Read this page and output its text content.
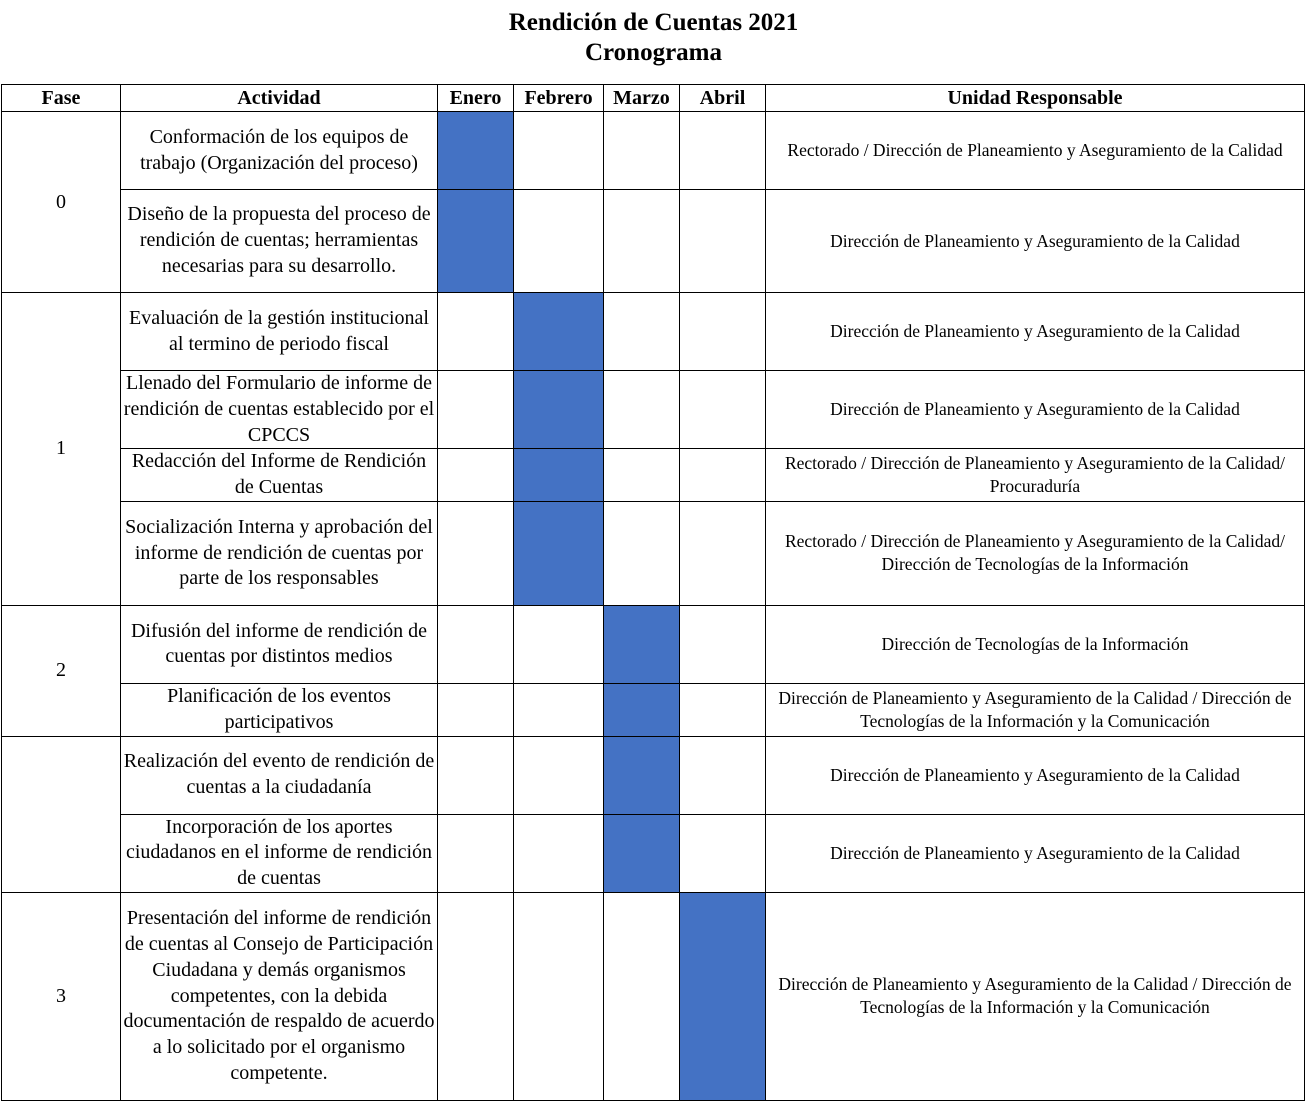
Rendición de Cuentas 2021
Cronograma
Fase	Actividad	Enero	Febrero	Marzo	Abril	Unidad Responsable
0	Conformación de los equipos de trabajo (Organización del proceso)					Rectorado / Dirección de Planeamiento y Aseguramiento de la Calidad
	Diseño de la propuesta del proceso de rendición de cuentas; herramientas necesarias para su desarrollo.					Dirección de Planeamiento y Aseguramiento de la Calidad
1	Evaluación de la gestión institucional al termino de periodo fiscal					Dirección de Planeamiento y Aseguramiento de la Calidad
	Llenado del Formulario de informe de rendición de cuentas establecido por el CPCCS					Dirección de Planeamiento y Aseguramiento de la Calidad
	Redacción del Informe de Rendición de Cuentas					Rectorado / Dirección de Planeamiento y Aseguramiento de la Calidad/ Procuraduría
	Socialización Interna y aprobación del informe de rendición de cuentas por parte de los responsables					Rectorado / Dirección de Planeamiento y Aseguramiento de la Calidad/ Dirección de Tecnologías de la Información
2	Difusión del informe de rendición de cuentas por distintos medios					Dirección de Tecnologías de la Información
	Planificación de los eventos participativos					Dirección de Planeamiento y Aseguramiento de la Calidad / Dirección de Tecnologías de la Información y la Comunicación
	Realización del evento de rendición de cuentas a la ciudadanía					Dirección de Planeamiento y Aseguramiento de la Calidad
	Incorporación de los aportes ciudadanos en el informe de rendición de cuentas					Dirección de Planeamiento y Aseguramiento de la Calidad
3	Presentación del informe de rendición de cuentas al Consejo de Participación Ciudadana y demás organismos competentes, con la debida documentación de respaldo de acuerdo a lo solicitado por el organismo competente.					Dirección de Planeamiento y Aseguramiento de la Calidad / Dirección de Tecnologías de la Información y la Comunicación
